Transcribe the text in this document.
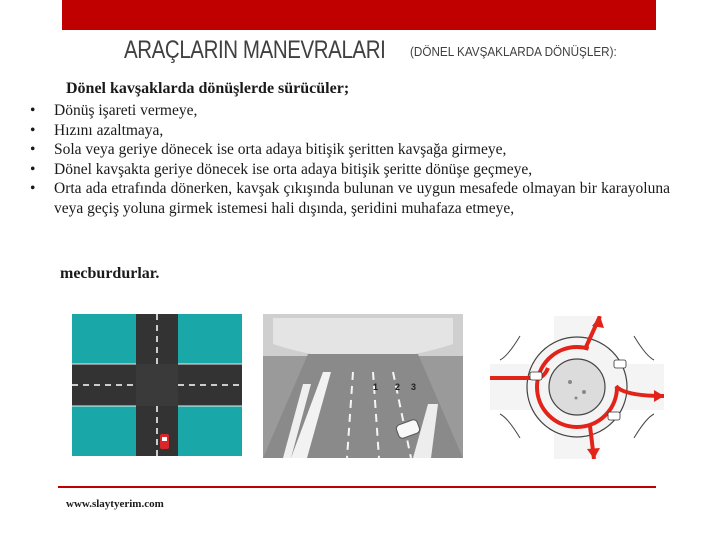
ARAÇLARIN MANEVRALARI (DÖNEL KAVŞAKLARDA DÖNÜŞLER):
Dönel kavşaklarda dönüşlerde sürücüler;
• Dönüş işareti vermeye,
• Hızını azaltmaya,
• Sola veya geriye dönecek ise orta adaya bitişik şeritten kavşağa girmeye,
• Dönel kavşakta geriye dönecek ise orta adaya bitişik şeritte dönüşe geçmeye,
• Orta ada etrafında dönerken, kavşak çıkışında bulunan ve uygun mesafede olmayan bir karayoluna veya geçiş yoluna girmek istemesi hali dışında, şeridini muhafaza etmeye,
mecburdurlar.
1 2 3
www.slaytyerim.com
